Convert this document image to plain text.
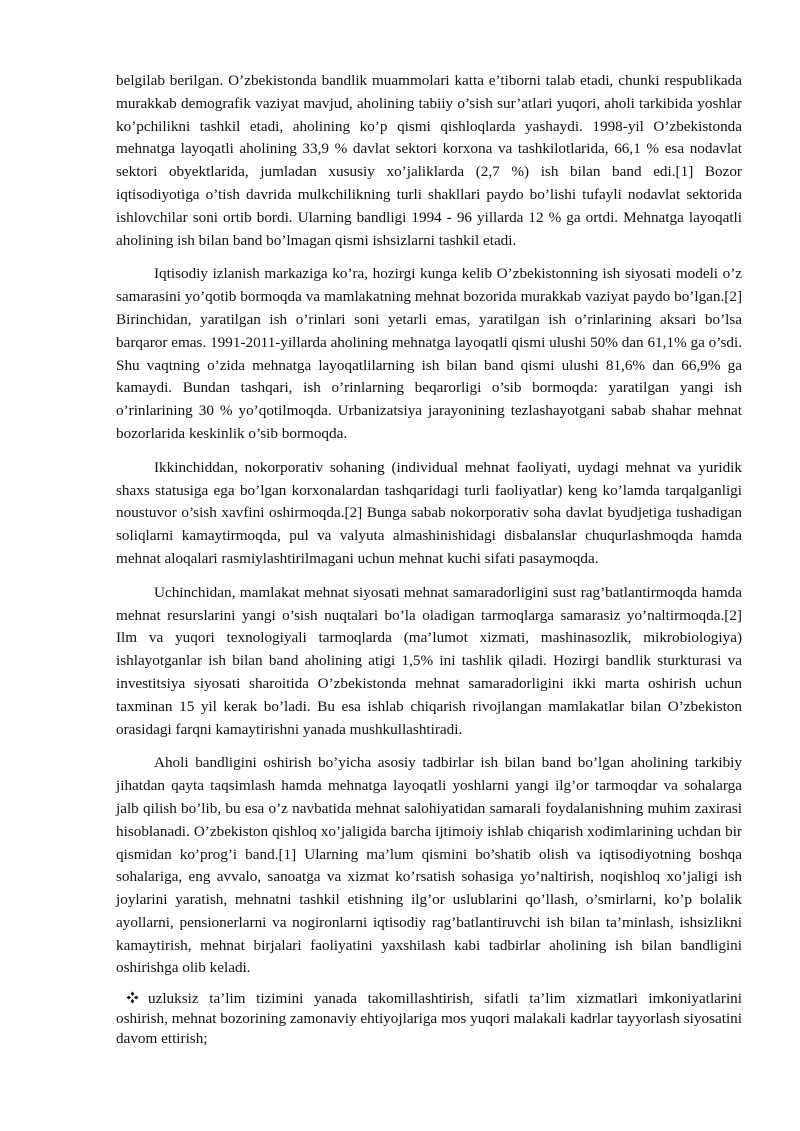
belgilab berilgan. O’zbekistonda bandlik muammolari katta e’tiborni talab etadi, chunki respublikada murakkab demografik vaziyat mavjud, aholining tabiiy o’sish sur’atlari yuqori, aholi tarkibida yoshlar ko’pchilikni tashkil etadi, aholining ko’p qismi qishloqlarda yashaydi. 1998-yil O’zbekistonda mehnatga layoqatli aholining 33,9 % davlat sektori korxona va tashkilotlarida, 66,1 % esa nodavlat sektori obyektlarida, jumladan xususiy xo’jaliklarda (2,7 %) ish bilan band edi.[1] Bozor iqtisodiyotiga o’tish davrida mulkchilikning turli shakllari paydo bo’lishi tufayli nodavlat sektorida ishlovchilar soni ortib bordi. Ularning bandligi 1994 - 96 yillarda 12 % ga ortdi. Mehnatga layoqatli aholining ish bilan band bo’lmagan qismi ishsizlarni tashkil etadi.

Iqtisodiy izlanish markaziga ko’ra, hozirgi kunga kelib O’zbekistonning ish siyosati modeli o’z samarasini yo’qotib bormoqda va mamlakatning mehnat bozorida murakkab vaziyat paydo bo’lgan.[2] Birinchidan, yaratilgan ish o’rinlari soni yetarli emas, yaratilgan ish o’rinlarining aksari bo’lsa barqaror emas. 1991-2011-yillarda aholining mehnatga layoqatli qismi ulushi 50% dan 61,1% ga o’sdi. Shu vaqtning o’zida mehnatga layoqatlilarning ish bilan band qismi ulushi 81,6% dan 66,9% ga kamaydi. Bundan tashqari, ish o’rinlarning beqarorligi o’sib bormoqda: yaratilgan yangi ish o’rinlarining 30 % yo’qotilmoqda. Urbanizatsiya jarayonining tezlashayotgani sabab shahar mehnat bozorlarida keskinlik o’sib bormoqda.

Ikkinchiddan, nokorporativ sohaning (individual mehnat faoliyati, uydagi mehnat va yuridik shaxs statusiga ega bo’lgan korxonalardan tashqaridagi turli faoliyatlar) keng ko’lamda tarqalganligi noustuvor o’sish xavfini oshirmoqda.[2] Bunga sabab nokorporativ soha davlat byudjetiga tushadigan soliqlarni kamaytirmoqda, pul va valyuta almashinishidagi disbalanslar chuqurlashmoqda hamda mehnat aloqalari rasmiylashtirilmagani uchun mehnat kuchi sifati pasaymoqda.

Uchinchidan, mamlakat mehnat siyosati mehnat samaradorligini sust rag’batlantirmoqda hamda mehnat resurslarini yangi o’sish nuqtalari bo’la oladigan tarmoqlarga samarasiz yo’naltirmoqda.[2] Ilm va yuqori texnologiyali tarmoqlarda (ma’lumot xizmati, mashinasozlik, mikrobiologiya) ishlayotganlar ish bilan band aholining atigi 1,5% ini tashlik qiladi. Hozirgi bandlik sturkturasi va investitsiya siyosati sharoitida O’zbekistonda mehnat samaradorligini ikki marta oshirish uchun taxminan 15 yil kerak bo’ladi. Bu esa ishlab chiqarish rivojlangan mamlakatlar bilan O’zbekiston orasidagi farqni kamaytirishni yanada mushkullashtiradi.

Aholi bandligini oshirish bo’yicha asosiy tadbirlar ish bilan band bo’lgan aholining tarkibiy jihatdan qayta taqsimlash hamda mehnatga layoqatli yoshlarni yangi ilg’or tarmoqdar va sohalarga jalb qilish bo’lib, bu esa o’z navbatida mehnat salohiyatidan samarali foydalanishning muhim zaxirasi hisoblanadi. O’zbekiston qishloq xo’jaligida barcha ijtimoiy ishlab chiqarish xodimlarining uchdan bir qismidan ko’prog’i band.[1] Ularning ma’lum qismini bo’shatib olish va iqtisodiyotning boshqa sohalariga, eng avvalo, sanoatga va xizmat ko’rsatish sohasiga yo’naltirish, noqishloq xo’jaligi ish joylarini yaratish, mehnatni tashkil etishning ilg’or uslublarini qo’llash, o’smirlarni, ko’p bolalik ayollarni, pensionerlarni va nogironlarni iqtisodiy rag’batlantiruvchi ish bilan ta’minlash, ishsizlikni kamaytirish, mehnat birjalari faoliyatini yaxshilash kabi tadbirlar aholining ish bilan bandligini oshirishga olib keladi.

uzluksiz ta’lim tizimini yanada takomillashtirish, sifatli ta’lim xizmatlari imkoniyatlarini oshirish, mehnat bozorining zamonaviy ehtiyojlariga mos yuqori malakali kadrlar tayyorlash siyosatini davom ettirish;
